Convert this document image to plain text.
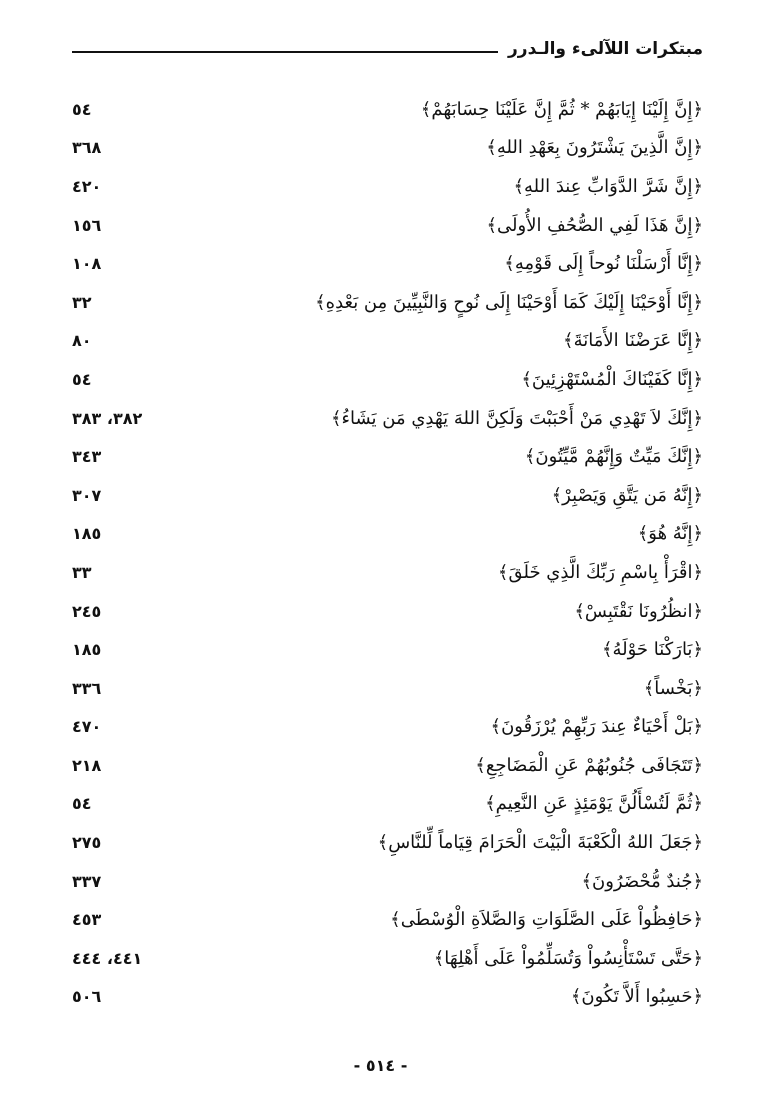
مبتكرات اللآلىء والـدرر
﴿إِنَّ إِلَيْنَا إِيَابَهُمْ * ثُمَّ إِنَّ عَلَيْنَا حِسَابَهُمْ﴾
٥٤
﴿إِنَّ الَّذِينَ يَشْتَرُونَ بِعَهْدِ اللهِ﴾
٣٦٨
﴿إِنَّ شَرَّ الدَّوَابِّ عِندَ اللهِ﴾
٤٢٠
﴿إِنَّ هَذَا لَفِي الصُّحُفِ الأُولَى﴾
١٥٦
﴿إِنَّا أَرْسَلْنَا نُوحاً إِلَى قَوْمِهِ﴾
١٠٨
﴿إِنَّا أَوْحَيْنَا إِلَيْكَ كَمَا أَوْحَيْنَا إِلَى نُوحٍ وَالنَّبِيِّينَ مِن بَعْدِهِ﴾
٣٢
﴿إِنَّا عَرَضْنَا الأَمَانَةَ﴾
٨٠
﴿إِنَّا كَفَيْنَاكَ الْمُسْتَهْزِئِينَ﴾
٥٤
﴿إِنَّكَ لاَ تَهْدِي مَنْ أَحْبَبْتَ وَلَكِنَّ اللهَ يَهْدِي مَن يَشَاءُ﴾
٣٨٢، ٣٨٣
﴿إِنَّكَ مَيِّتٌ وَإِنَّهُمْ مَّيِّتُونَ﴾
٣٤٣
﴿إِنَّهُ مَن يَتَّقِ وَيَصْبِرْ﴾
٣٠٧
﴿إِنَّهُ هُوَ﴾
١٨٥
﴿اقْرَأْ بِاسْمِ رَبِّكَ الَّذِي خَلَقَ﴾
٣٣
﴿انظُرُونَا نَقْتَبِسْ﴾
٢٤٥
﴿بَارَكْنَا حَوْلَهُ﴾
١٨٥
﴿بَخْساً﴾
٣٣٦
﴿بَلْ أَحْيَاءٌ عِندَ رَبِّهِمْ يُرْزَقُونَ﴾
٤٧٠
﴿تَتَجَافَى جُنُوبُهُمْ عَنِ الْمَضَاجِعِ﴾
٢١٨
﴿ثُمَّ لَتُسْأَلُنَّ يَوْمَئِذٍ عَنِ النَّعِيمِ﴾
٥٤
﴿جَعَلَ اللهُ الْكَعْبَةَ الْبَيْتَ الْحَرَامَ قِيَاماً لِّلنَّاسِ﴾
٢٧٥
﴿جُندٌ مُّحْضَرُونَ﴾
٣٣٧
﴿حَافِظُواْ عَلَى الصَّلَوَاتِ وَالصَّلاَةِ الْوُسْطَى﴾
٤٥٣
﴿حَتَّى تَسْتَأْنِسُواْ وَتُسَلِّمُواْ عَلَى أَهْلِهَا﴾
٤٤١، ٤٤٤
﴿حَسِبُوا أَلاَّ تَكُونَ﴾
٥٠٦
- ٥١٤ -
